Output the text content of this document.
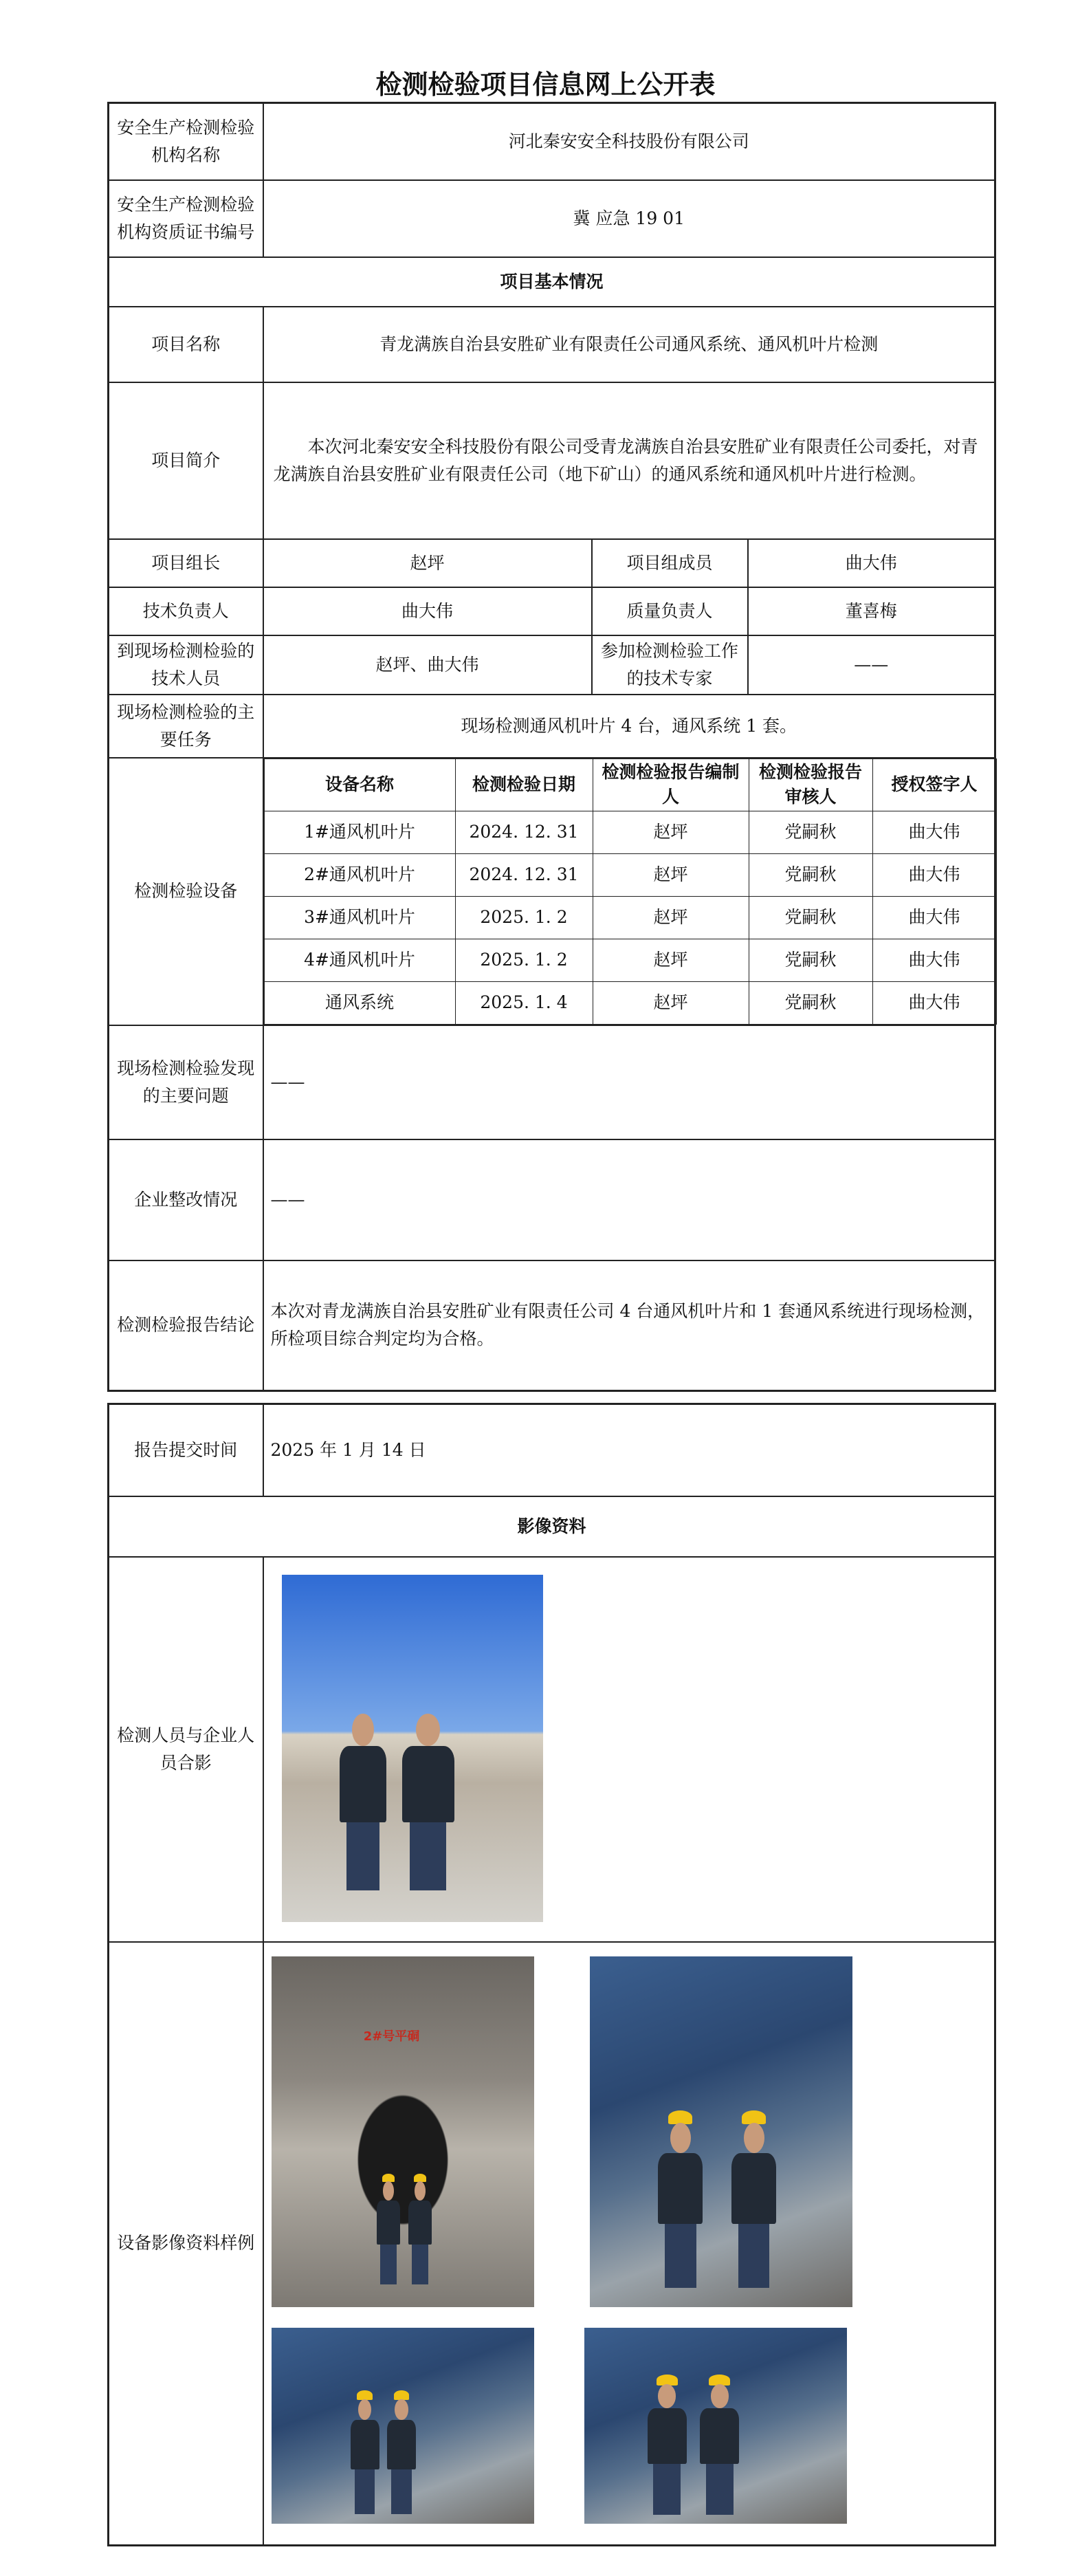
检测检验项目信息网上公开表
安全生产检测检验机构名称	河北秦安安全科技股份有限公司
安全生产检测检验机构资质证书编号	冀 应急 19 01
项目基本情况
项目名称	青龙满族自治县安胜矿业有限责任公司通风系统、通风机叶片检测
项目简介	本次河北秦安安全科技股份有限公司受青龙满族自治县安胜矿业有限责任公司委托，对青龙满族自治县安胜矿业有限责任公司（地下矿山）的通风系统和通风机叶片进行检测。
项目组长	赵坪	项目组成员	曲大伟
技术负责人	曲大伟	质量负责人	董喜梅
到现场检测检验的技术人员	赵坪、曲大伟	参加检测检验工作的技术专家	——
现场检测检验的主要任务	现场检测通风机叶片 4 台，通风系统 1 套。
检测检验设备	
设备名称	检测检验日期	检测检验报告编制人	检测检验报告审核人	授权签字人
1#通风机叶片	2024. 12. 31	赵坪	党嗣秋	曲大伟
2#通风机叶片	2024. 12. 31	赵坪	党嗣秋	曲大伟
3#通风机叶片	2025. 1. 2	赵坪	党嗣秋	曲大伟
4#通风机叶片	2025. 1. 2	赵坪	党嗣秋	曲大伟
通风系统	2025. 1. 4	赵坪	党嗣秋	曲大伟

现场检测检验发现的主要问题	——
企业整改情况	——
检测检验报告结论	本次对青龙满族自治县安胜矿业有限责任公司 4 台通风机叶片和 1 套通风系统进行现场检测，所检项目综合判定均为合格。
报告提交时间	2025 年 1 月 14 日
影像资料	
检测人员与企业人员合影	
设备影像资料样例	
2#号平硐
